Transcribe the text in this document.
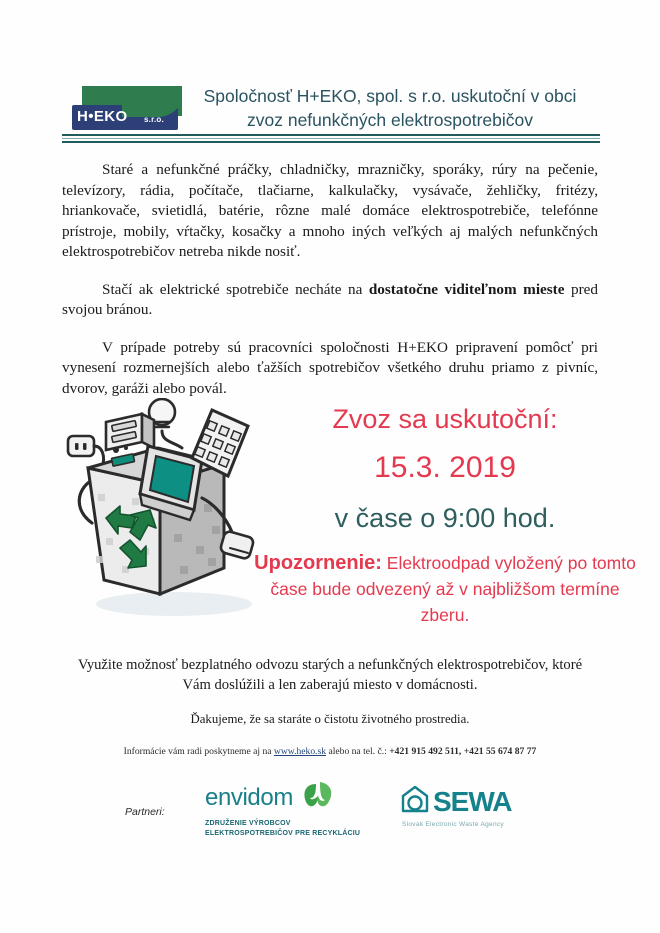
H•EKO s.r.o.
Spoločnosť H+EKO, spol. s r.o. uskutoční v obci
zvoz nefunkčných elektrospotrebičov

Staré a nefunkčné práčky, chladničky, mrazničky, sporáky, rúry na pečenie, televízory, rádia, počítače, tlačiarne, kalkulačky, vysávače, žehličky, fritézy, hriankovače, svietidlá, batérie, rôzne malé domáce elektrospotrebiče, telefónne prístroje, mobily, vŕtačky, kosačky a mnoho iných veľkých aj malých nefunkčných elektrospotrebičov netreba nikde nosiť.

Stačí ak elektrické spotrebiče necháte na dostatočne viditeľnom mieste pred svojou bránou.

V prípade potreby sú pracovníci spoločnosti H+EKO pripravení pomôcť pri vynesení rozmernejších alebo ťažších spotrebičov všetkého druhu priamo z pivníc, dvorov, garáži alebo povál.

Zvoz sa uskutoční:
15.3. 2019
v čase o 9:00 hod.
Upozornenie: Elektroodpad vyložený po tomto čase bude odvezený až v najbližšom termíne zberu.
Využite možnosť bezplatného odvozu starých a nefunkčných elektrospotrebičov, ktoré
Vám doslúžili a len zaberajú miesto v domácnosti.
Ďakujeme, že sa staráte o čistotu životného prostredia.
Informácie vám radi poskytneme aj na www.heko.sk alebo na tel. č.: +421 915 492 511, +421 55 674 87 77
Partneri:
envidom
ZDRUŽENIE VÝROBCOV
ELEKTROSPOTREBIČOV PRE RECYKLÁCIU
SEWA
Slovak Electronic Waste Agency
